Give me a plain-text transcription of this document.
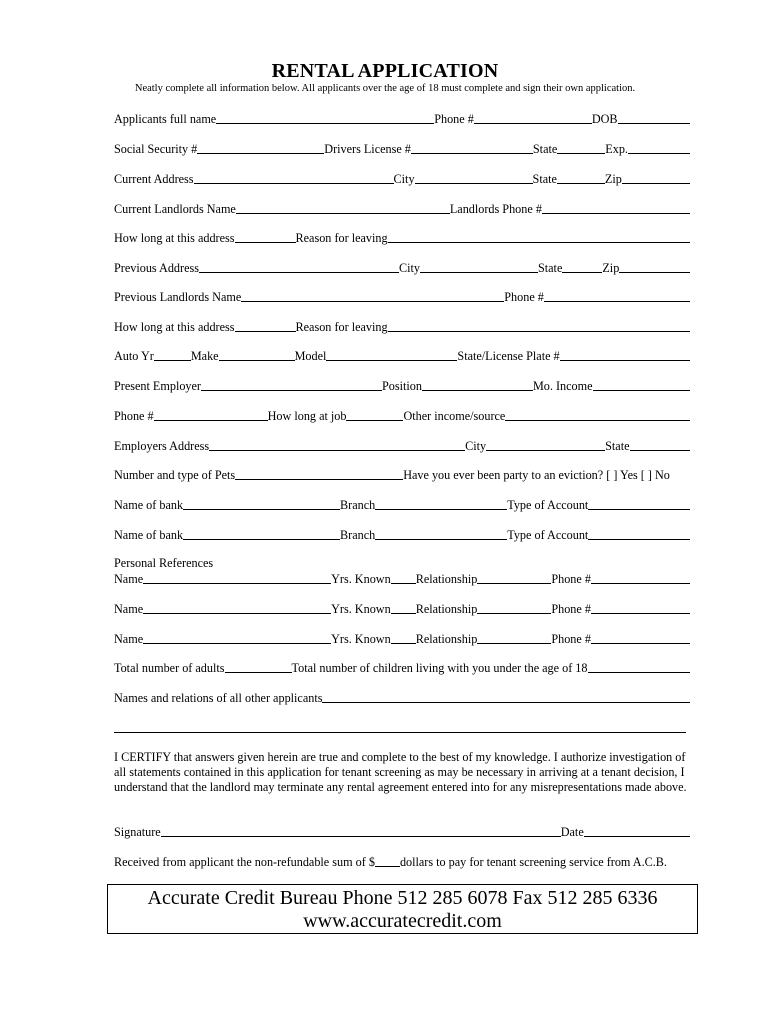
RENTAL APPLICATION
Neatly complete all information below. All applicants over the age of 18 must complete and sign their own application.
Applicants full name	Phone #	DOB
Social Security #	Drivers License #	State	Exp.
Current Address	City	State	Zip
Current Landlords Name	Landlords Phone #
How long at this address	Reason for leaving
Previous Address	City	State	Zip
Previous Landlords Name	Phone #
How long at this address	Reason for leaving
Auto Yr	Make	Model	State/License Plate #
Present Employer	Position	Mo. Income
Phone #	How long at job	Other income/source
Employers Address	City	State
Number and type of Pets	Have you ever been party to an eviction? [ ] Yes [ ] No
Name of bank	Branch	Type of Account
Name of bank	Branch	Type of Account
Personal References
Name	Yrs. Known Relationship	Phone #
Name	Yrs. Known Relationship	Phone #
Name	Yrs. Known Relationship	Phone #
Total number of adults	Total number of children living with you under the age of 18
Names and relations of all other applicants
I CERTIFY that answers given herein are true and complete to the best of my knowledge. I authorize investigation of all statements contained in this application for tenant screening as may be necessary in arriving at a tenant decision, I understand that the landlord may terminate any rental agreement entered into for any misrepresentations made above.
Signature	Date
Received from applicant the non-refundable sum of $ dollars to pay for tenant screening service from A.C.B.
Accurate Credit Bureau Phone 512 285 6078 Fax 512 285 6336
www.accuratecredit.com
